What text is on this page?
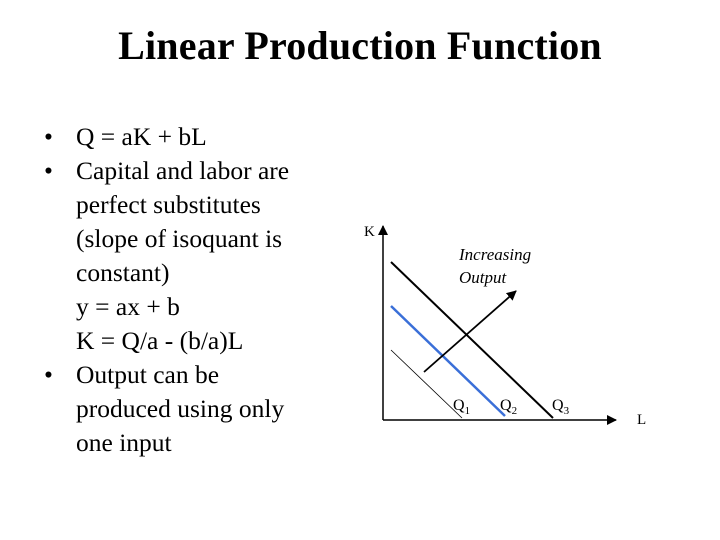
Linear Production Function
• Q = aK + bL
• Capital and labor are
perfect substitutes
(slope of isoquant is
constant)
y = ax + b
K = Q/a - (b/a)L
• Output can be
produced using only
one input
K
L
Increasing
Output
$Q_1$ $Q_2$ $Q_3$
